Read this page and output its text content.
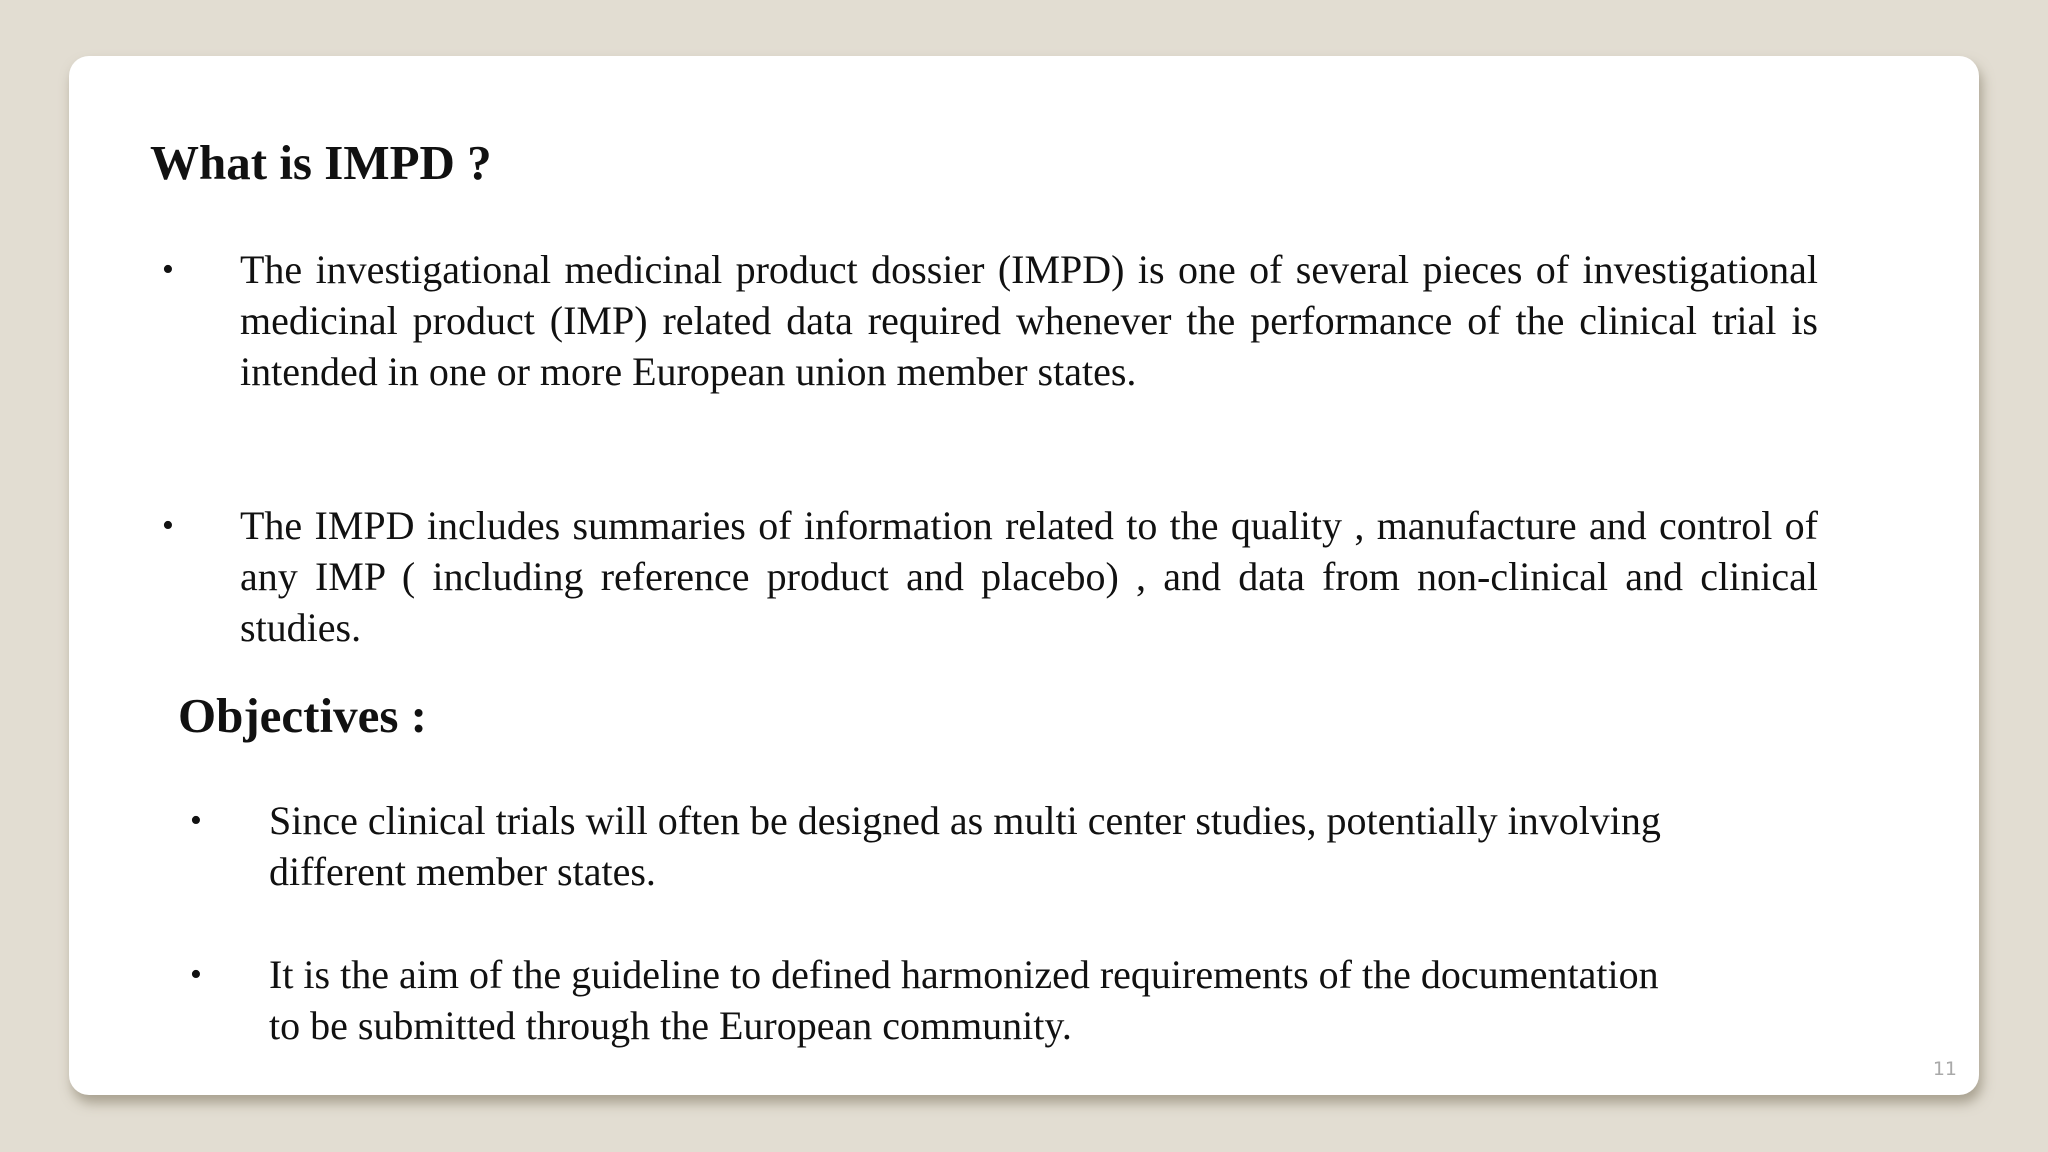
What is IMPD ?
• The investigational medicinal product dossier (IMPD) is one of several pieces of investigational medicinal product (IMP) related data required whenever the performance of the clinical trial is intended in one or more European union member states.

• The IMPD includes summaries of information related to the quality , manufacture and control of any IMP ( including reference product and placebo) , and data from non-clinical and clinical studies.

Objectives :
• Since clinical trials will often be designed as multi center studies, potentially involving different member states.

• It is the aim of the guideline to defined harmonized requirements of the documentation to be submitted through the European community.

11
